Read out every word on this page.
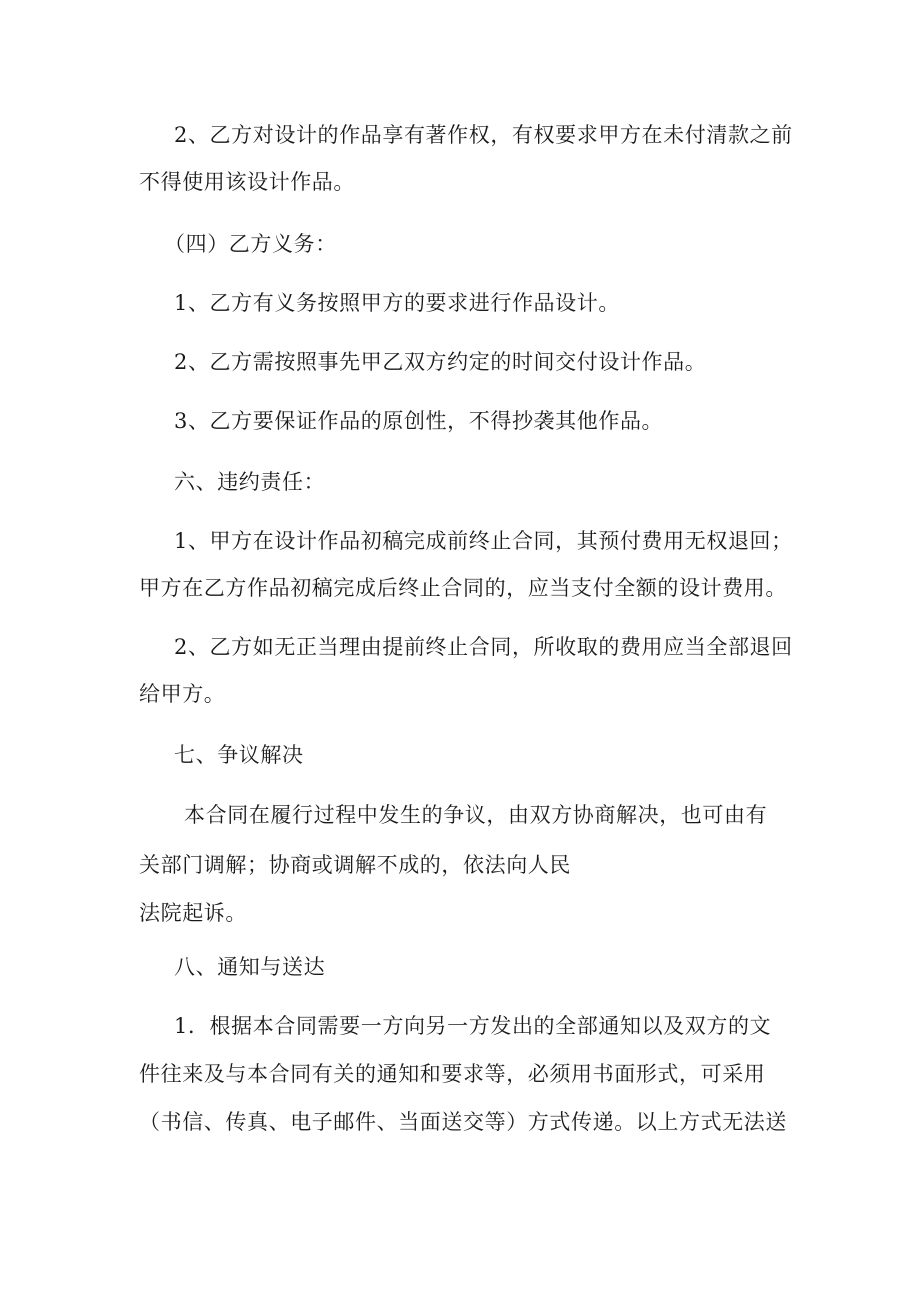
2、乙方对设计的作品享有著作权，有权要求甲方在未付清款之前
不得使用该设计作品。
（四）乙方义务：
1、乙方有义务按照甲方的要求进行作品设计。
2、乙方需按照事先甲乙双方约定的时间交付设计作品。
3、乙方要保证作品的原创性，不得抄袭其他作品。
六、违约责任：
1、甲方在设计作品初稿完成前终止合同，其预付费用无权退回；
甲方在乙方作品初稿完成后终止合同的，应当支付全额的设计费用。
2、乙方如无正当理由提前终止合同，所收取的费用应当全部退回
给甲方。
七、争议解决
本合同在履行过程中发生的争议，由双方协商解决，也可由有
关部门调解；协商或调解不成的，依法向人民
法院起诉。
八、通知与送达
1．根据本合同需要一方向另一方发出的全部通知以及双方的文
件往来及与本合同有关的通知和要求等，必须用书面形式，可采用
（书信、传真、电子邮件、当面送交等）方式传递。以上方式无法送
